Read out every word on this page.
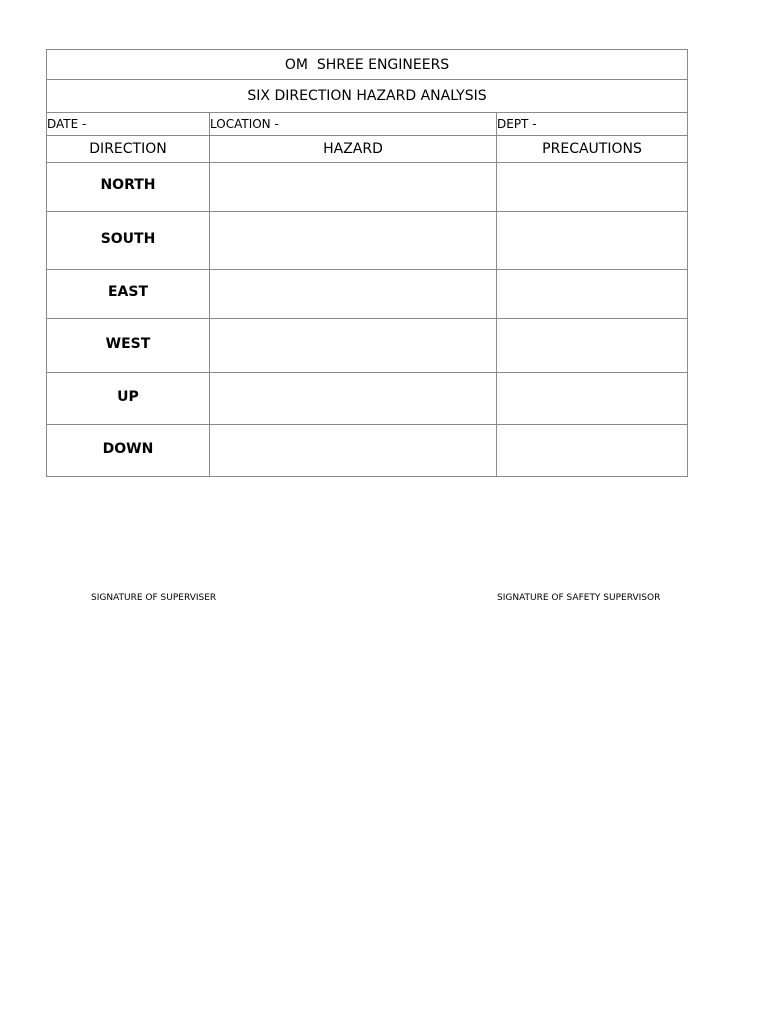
OM  SHREE ENGINEERS		
SIX DIRECTION HAZARD ANALYSIS		
DATE -	LOCATION -	DEPT -
DIRECTION	HAZARD	PRECAUTIONS
NORTH		
SOUTH		
EAST		
WEST		
UP		
DOWN		
SIGNATURE OF SUPERVISER	SIGNATURE OF SAFETY SUPERVISOR
